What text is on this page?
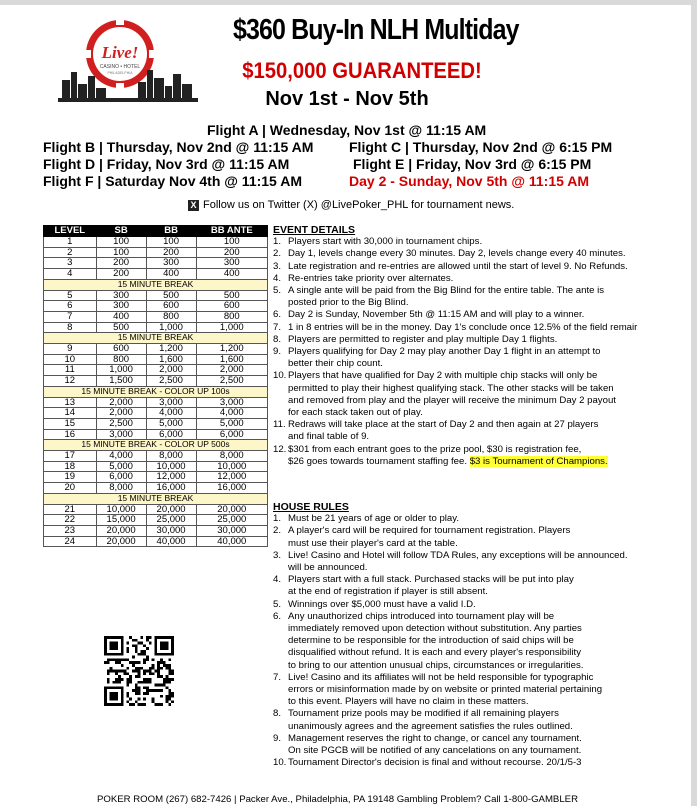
Live!
CASINO • HOTEL
PHILADELPHIA
$360 Buy-In NLH Multiday
$150,000 GUARANTEED!
Nov 1st - Nov 5th
Flight A | Wednesday, Nov 1st @ 11:15 AM
Flight B | Thursday, Nov 2nd @ 11:15 AM	Flight C | Thursday, Nov 2nd @ 6:15 PM
Flight D | Friday, Nov 3rd @ 11:15 AM	Flight E | Friday, Nov 3rd @ 6:15 PM
Flight F | Saturday Nov 4th @ 11:15 AM	Day 2 - Sunday, Nov 5th @ 11:15 AM
X Follow us on Twitter (X) @LivePoker_PHL for tournament news.
LEVEL	SB	BB	BB ANTE
1	100	100	100
2	100	200	200
3	200	300	300
4	200	400	400
15 MINUTE BREAK			
5	300	500	500
6	300	600	600
7	400	800	800
8	500	1,000	1,000
15 MINUTE BREAK			
9	600	1,200	1,200
10	800	1,600	1,600
11	1,000	2,000	2,000
12	1,500	2,500	2,500
15 MINUTE BREAK - COLOR UP 100s			
13	2,000	3,000	3,000
14	2,000	4,000	4,000
15	2,500	5,000	5,000
16	3,000	6,000	6,000
15 MINUTE BREAK - COLOR UP 500s			
17	4,000	8,000	8,000
18	5,000	10,000	10,000
19	6,000	12,000	12,000
20	8,000	16,000	16,000
15 MINUTE BREAK			
21	10,000	20,000	20,000
22	15,000	25,000	25,000
23	20,000	30,000	30,000
24	20,000	40,000	40,000
EVENT DETAILS
1. Players start with 30,000 in tournament chips.
2. Day 1, levels change every 30 minutes. Day 2, levels change every 40 minutes.
3. Late registration and re-entries are allowed until the start of level 9. No Refunds.
4. Re-entries take priority over alternates.
5. A single ante will be paid from the Big Blind for the entire table. The ante is
posted prior to the Big Blind.
6. Day 2 is Sunday, November 5th @ 11:15 AM and will play to a winner.
7. 1 in 8 entries will be in the money. Day 1's conclude once 12.5% of the field remair
8. Players are permitted to register and play multiple Day 1 flights.
9. Players qualifying for Day 2 may play another Day 1 flight in an attempt to
better their chip count.
10. Players that have qualified for Day 2 with multiple chip stacks will only be
permitted to play their highest qualifying stack. The other stacks will be taken
and removed from play and the player will receive the minimum Day 2 payout
for each stack taken out of play.
11. Redraws will take place at the start of Day 2 and then again at 27 players
and final table of 9.
12. $301 from each entrant goes to the prize pool, $30 is registration fee,
$26 goes towards tournament staffing fee. $3 is Tournament of Champions.
HOUSE RULES
1. Must be 21 years of age or older to play.
2. A player's card will be required for tournament registration. Players
must use their player's card at the table.
3. Live! Casino and Hotel will follow TDA Rules, any exceptions will be announced.
will be announced.
4. Players start with a full stack. Purchased stacks will be put into play
at the end of registration if player is still absent.
5. Winnings over $5,000 must have a valid I.D.
6. Any unauthorized chips introduced into tournament play will be
immediately removed upon detection without substitution. Any parties
determine to be responsible for the introduction of said chips will be
disqualified without refund. It is each and every player's responsibility
to bring to our attention unusual chips, circumstances or irregularities.
7. Live! Casino and its affiliates will not be held responsible for typographic
errors or misinformation made by on website or printed material pertaining
to this event. Players will have no claim in these matters.
8. Tournament prize pools may be modified if all remaining players
unanimously agrees and the agreement satisfies the rules outlined.
9. Management reserves the right to change, or cancel any tournament.
On site PGCB will be notified of any cancelations on any tournament.
10. Tournament Director's decision is final and without recourse. 20/1/5-3
POKER ROOM (267) 682-7426 | Packer Ave., Philadelphia, PA 19148 Gambling Problem? Call 1-800-GAMBLER
